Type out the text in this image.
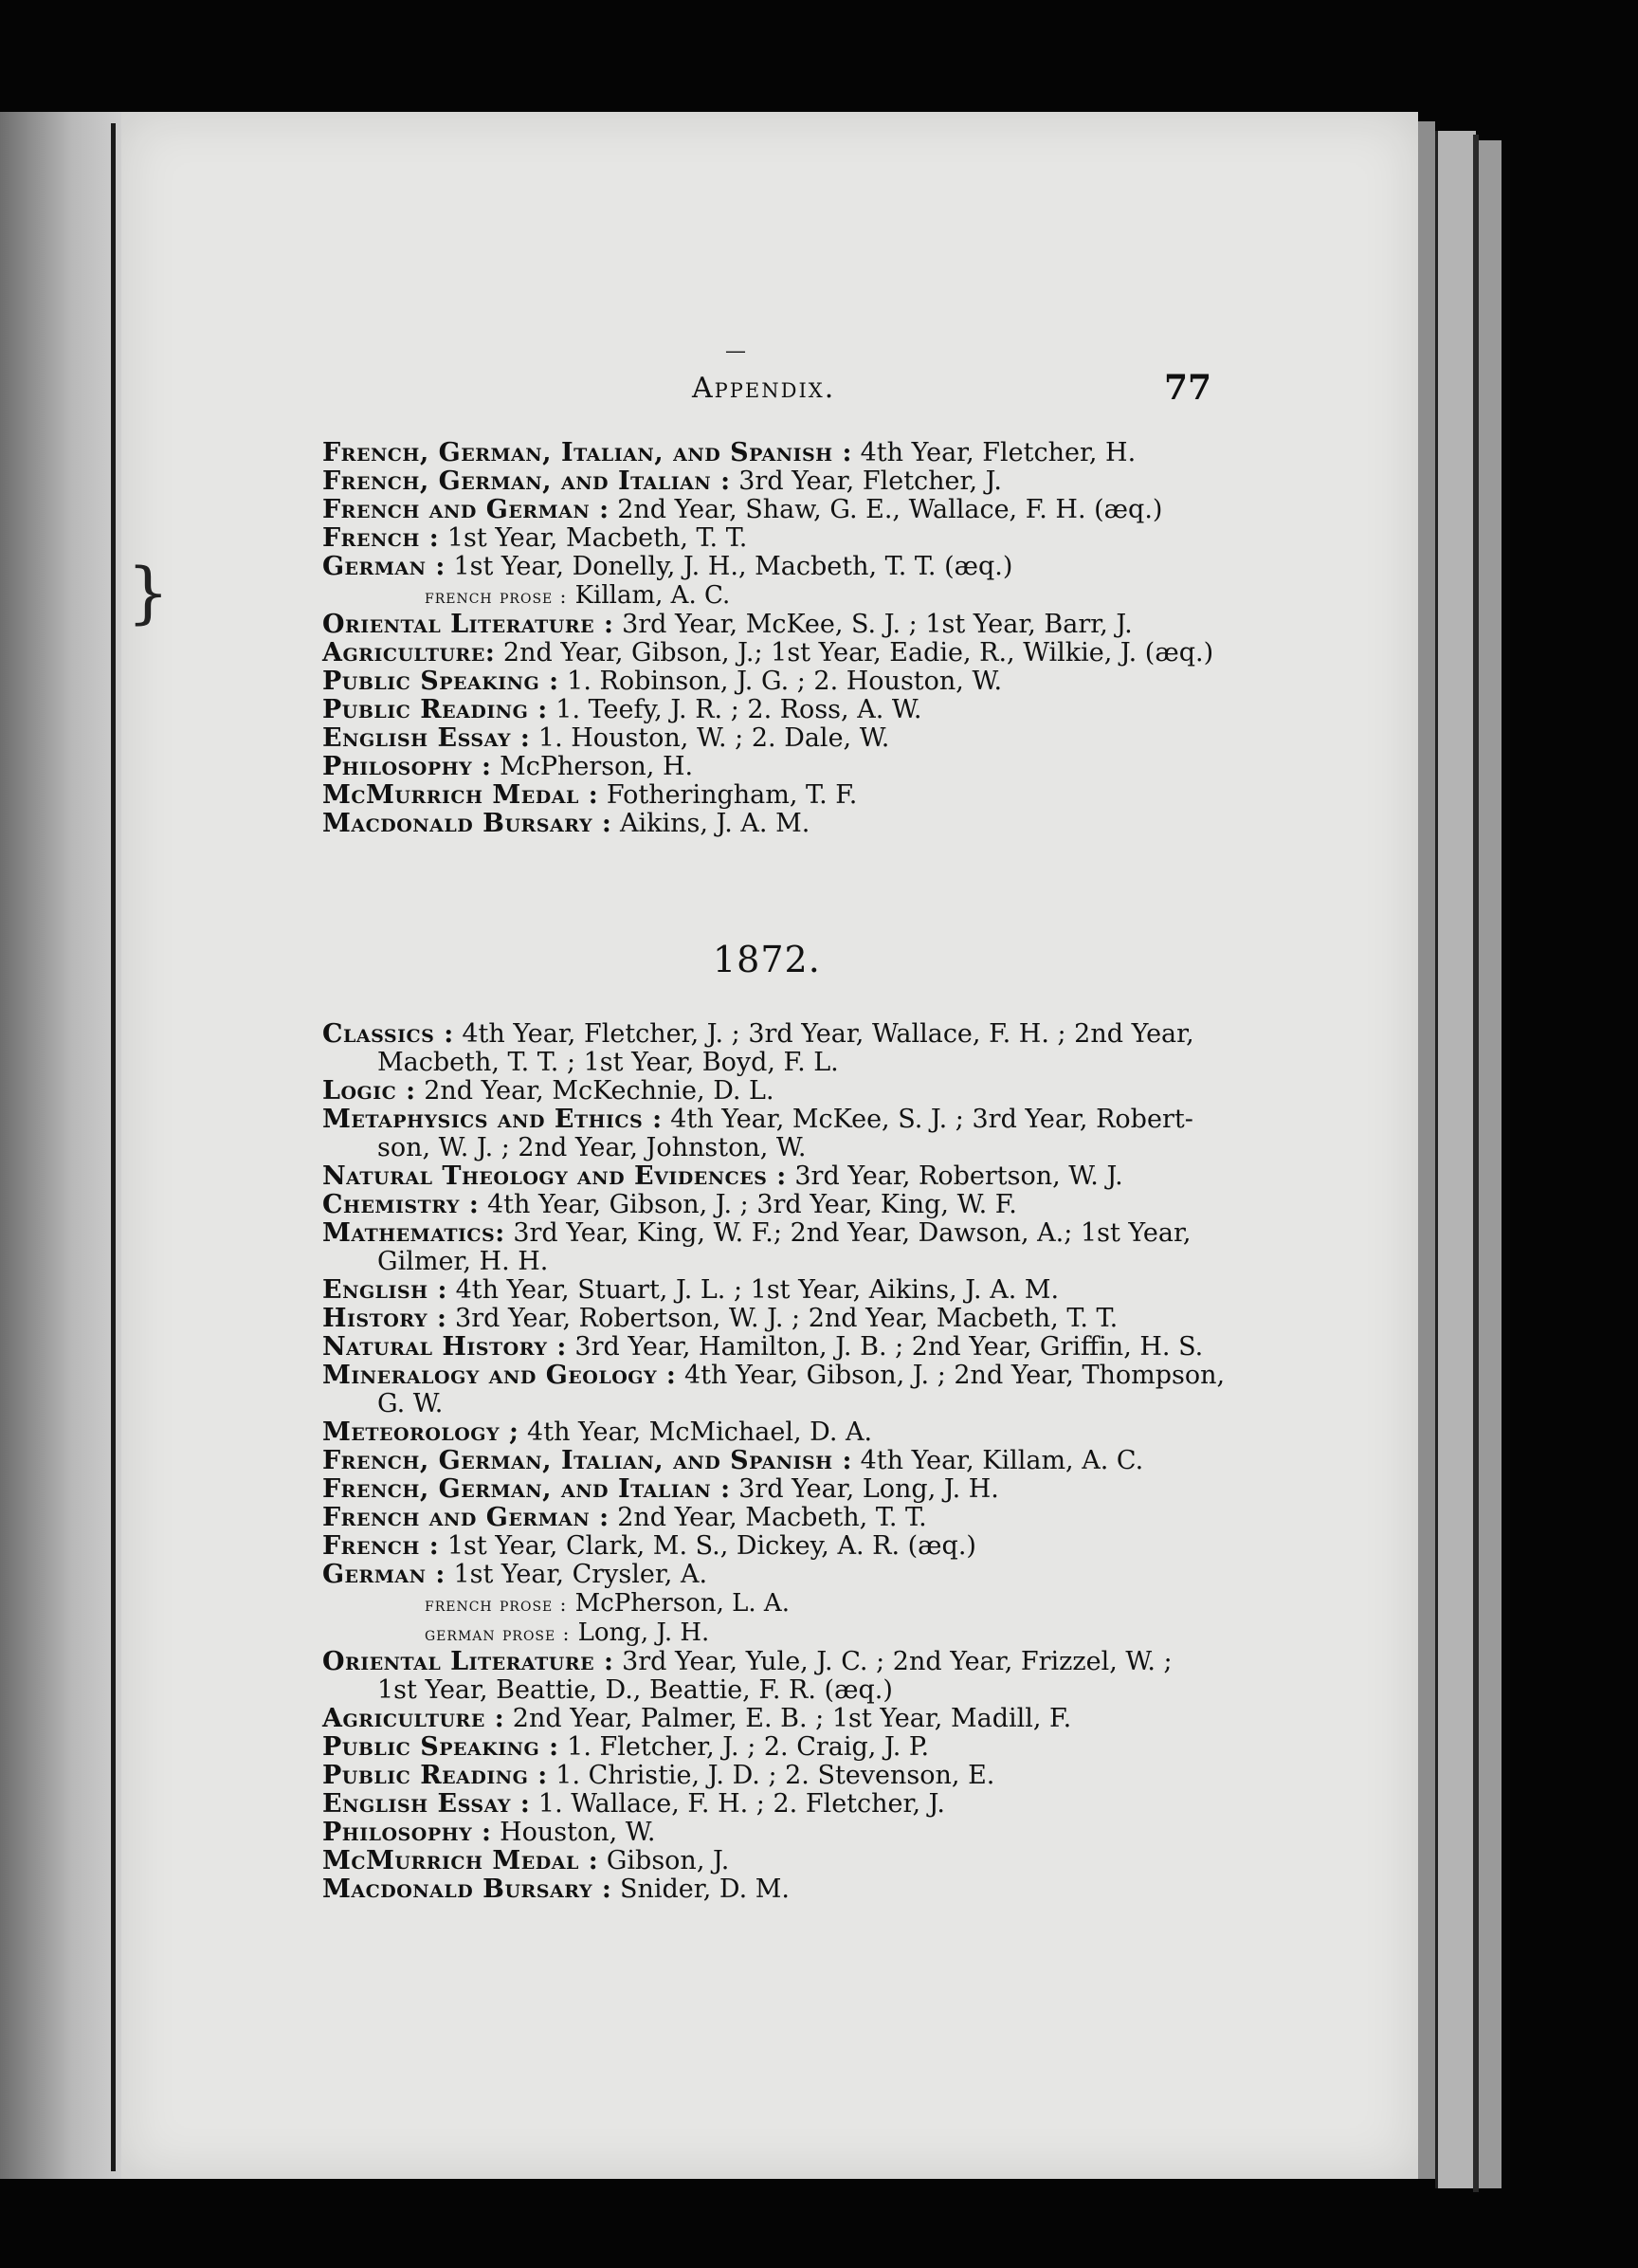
}
—
Appendix.	77
French, German, Italian, and Spanish : 4th Year, Fletcher, H.
French, German, and Italian : 3rd Year, Fletcher, J.
French and German : 2nd Year, Shaw, G. E., Wallace, F. H. (æq.)
French : 1st Year, Macbeth, T. T.
German : 1st Year, Donelly, J. H., Macbeth, T. T. (æq.)
french prose : Killam, A. C.
Oriental Literature : 3rd Year, McKee, S. J. ; 1st Year, Barr, J.
Agriculture: 2nd Year, Gibson, J.; 1st Year, Eadie, R., Wilkie, J. (æq.)
Public Speaking : 1. Robinson, J. G. ; 2. Houston, W.
Public Reading : 1. Teefy, J. R. ; 2. Ross, A. W.
English Essay : 1. Houston, W. ; 2. Dale, W.
Philosophy : McPherson, H.
McMurrich Medal : Fotheringham, T. F.
Macdonald Bursary : Aikins, J. A. M.
1872.
Classics : 4th Year, Fletcher, J. ; 3rd Year, Wallace, F. H. ; 2nd Year,
Macbeth, T. T. ; 1st Year, Boyd, F. L.
Logic : 2nd Year, McKechnie, D. L.
Metaphysics and Ethics : 4th Year, McKee, S. J. ; 3rd Year, Robert-
son, W. J. ; 2nd Year, Johnston, W.
Natural Theology and Evidences : 3rd Year, Robertson, W. J.
Chemistry : 4th Year, Gibson, J. ; 3rd Year, King, W. F.
Mathematics: 3rd Year, King, W. F.; 2nd Year, Dawson, A.; 1st Year,
Gilmer, H. H.
English : 4th Year, Stuart, J. L. ; 1st Year, Aikins, J. A. M.
History : 3rd Year, Robertson, W. J. ; 2nd Year, Macbeth, T. T.
Natural History : 3rd Year, Hamilton, J. B. ; 2nd Year, Griffin, H. S.
Mineralogy and Geology : 4th Year, Gibson, J. ; 2nd Year, Thompson,
G. W.
Meteorology ; 4th Year, McMichael, D. A.
French, German, Italian, and Spanish : 4th Year, Killam, A. C.
French, German, and Italian : 3rd Year, Long, J. H.
French and German : 2nd Year, Macbeth, T. T.
French : 1st Year, Clark, M. S., Dickey, A. R. (æq.)
German : 1st Year, Crysler, A.
french prose : McPherson, L. A.
german prose : Long, J. H.
Oriental Literature : 3rd Year, Yule, J. C. ; 2nd Year, Frizzel, W. ;
1st Year, Beattie, D., Beattie, F. R. (æq.)
Agriculture : 2nd Year, Palmer, E. B. ; 1st Year, Madill, F.
Public Speaking : 1. Fletcher, J. ; 2. Craig, J. P.
Public Reading : 1. Christie, J. D. ; 2. Stevenson, E.
English Essay : 1. Wallace, F. H. ; 2. Fletcher, J.
Philosophy : Houston, W.
McMurrich Medal : Gibson, J.
Macdonald Bursary : Snider, D. M.
